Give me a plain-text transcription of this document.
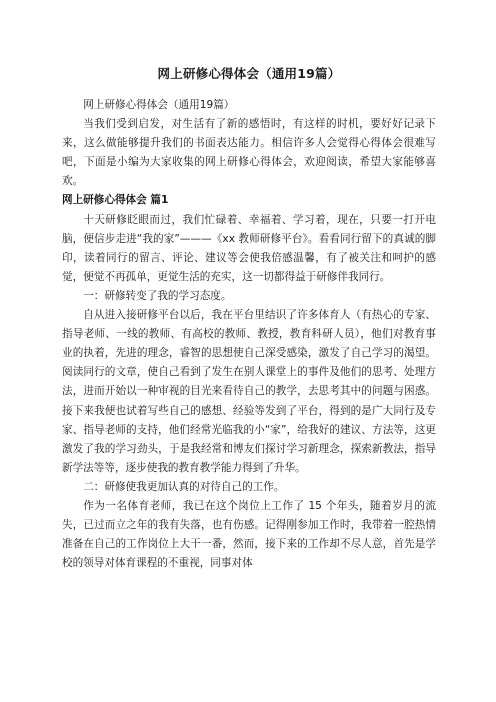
网上研修心得体会（通用19篇）

网上研修心得体会（通用19篇）

当我们受到启发，对生活有了新的感悟时，有这样的时机，要好好记录下来，这么做能够提升我们的书面表达能力。相信许多人会觉得心得体会很难写吧，下面是小编为大家收集的网上研修心得体会，欢迎阅读，希望大家能够喜欢。

网上研修心得体会 篇1

十天研修眨眼而过，我们忙碌着、幸福着、学习着，现在，只要一打开电脑，便信步走进“我的家”———《xx 教师研修平台》。看看同行留下的真诚的脚印，读着同行的留言、评论、建议等会使我倍感温馨，有了被关注和呵护的感觉，便觉不再孤单，更觉生活的充实，这一切都得益于研修伴我同行。

一：研修转变了我的学习态度。

自从进入接研修平台以后，我在平台里结识了许多体育人（有热心的专家、指导老师、一线的教师、有高校的教师、教授，教育科研人员），他们对教育事业的执着，先进的理念，睿智的思想使自己深受感染，激发了自己学习的渴望。阅读同行的文章，使自己看到了发生在别人课堂上的事件及他们的思考、处理方法，进而开始以一种审视的目光来看待自己的教学，去思考其中的问题与困惑。接下来我便也试着写些自己的感想、经验等发到了平台，得到的是广大同行及专家、指导老师的支持，他们经常光临我的小“家”，给我好的建议、方法等，这更激发了我的学习劲头，于是我经常和博友们探讨学习新理念，探索新教法，指导新学法等等，逐步使我的教育教学能力得到了升华。

二：研修使我更加认真的对待自己的工作。

作为一名体育老师，我已在这个岗位上工作了 15 个年头，随着岁月的流失，已过而立之年的我有失落，也有伤感。记得刚参加工作时，我带着一腔热情准备在自己的工作岗位上大干一番，然而，接下来的工作却不尽人意，首先是学校的领导对体育课程的不重视，同事对体
